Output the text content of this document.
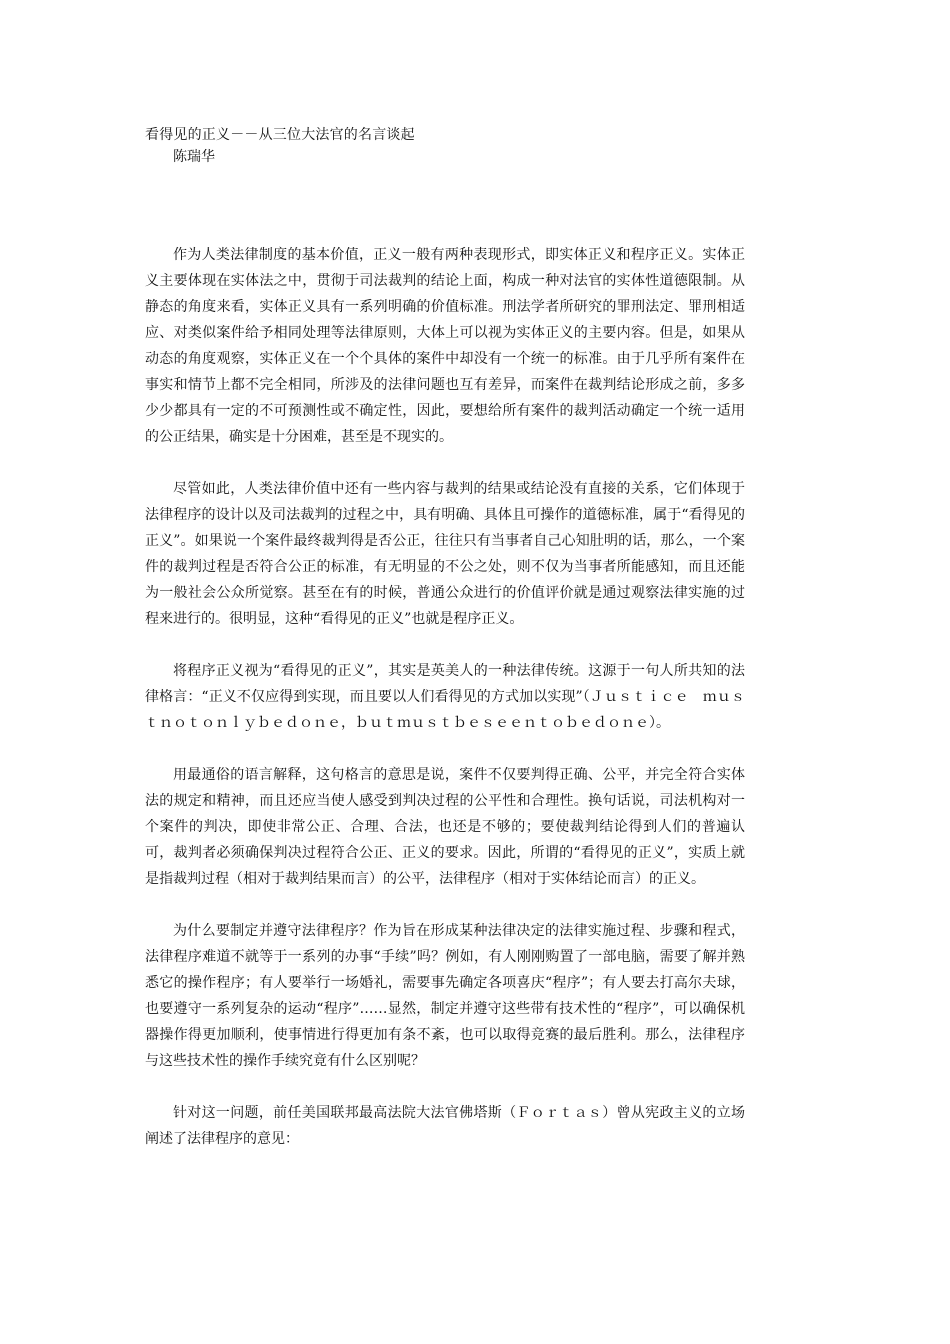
看得见的正义－－从三位大法官的名言谈起

陈瑞华

作为人类法律制度的基本价值，正义一般有两种表现形式，即实体正义和程序正义。实体正义主要体现在实体法之中，贯彻于司法裁判的结论上面，构成一种对法官的实体性道德限制。从静态的角度来看，实体正义具有一系列明确的价值标准。刑法学者所研究的罪刑法定、罪刑相适应、对类似案件给予相同处理等法律原则，大体上可以视为实体正义的主要内容。但是，如果从动态的角度观察，实体正义在一个个具体的案件中却没有一个统一的标准。由于几乎所有案件在事实和情节上都不完全相同，所涉及的法律问题也互有差异，而案件在裁判结论形成之前，多多少少都具有一定的不可预测性或不确定性，因此，要想给所有案件的裁判活动确定一个统一适用的公正结果，确实是十分困难，甚至是不现实的。

尽管如此，人类法律价值中还有一些内容与裁判的结果或结论没有直接的关系，它们体现于法律程序的设计以及司法裁判的过程之中，具有明确、具体且可操作的道德标准，属于“看得见的正义”。如果说一个案件最终裁判得是否公正，往往只有当事者自己心知肚明的话，那么，一个案件的裁判过程是否符合公正的标准，有无明显的不公之处，则不仅为当事者所能感知，而且还能为一般社会公众所觉察。甚至在有的时候，普通公众进行的价值评价就是通过观察法律实施的过程来进行的。很明显，这种“看得见的正义”也就是程序正义。

将程序正义视为“看得见的正义”，其实是英美人的一种法律传统。这源于一句人所共知的法律格言：“正义不仅应得到实现，而且要以人们看得见的方式加以实现”（Ｊｕｓｔｉｃｅ　ｍｕｓｔｎｏｔｏｎｌｙｂｅｄｏｎｅ，ｂｕｔｍｕｓｔｂｅｓｅｅｎｔｏｂｅｄｏｎｅ）。

用最通俗的语言解释，这句格言的意思是说，案件不仅要判得正确、公平，并完全符合实体法的规定和精神，而且还应当使人感受到判决过程的公平性和合理性。换句话说，司法机构对一个案件的判决，即使非常公正、合理、合法，也还是不够的；要使裁判结论得到人们的普遍认可，裁判者必须确保判决过程符合公正、正义的要求。因此，所谓的“看得见的正义”，实质上就是指裁判过程（相对于裁判结果而言）的公平，法律程序（相对于实体结论而言）的正义。

为什么要制定并遵守法律程序？作为旨在形成某种法律决定的法律实施过程、步骤和程式，法律程序难道不就等于一系列的办事“手续”吗？例如，有人刚刚购置了一部电脑，需要了解并熟悉它的操作程序；有人要举行一场婚礼，需要事先确定各项喜庆“程序”；有人要去打高尔夫球，也要遵守一系列复杂的运动“程序”……显然，制定并遵守这些带有技术性的“程序”，可以确保机器操作得更加顺利，使事情进行得更加有条不紊，也可以取得竞赛的最后胜利。那么，法律程序与这些技术性的操作手续究竟有什么区别呢？

针对这一问题，前任美国联邦最高法院大法官佛塔斯（Ｆｏｒｔａｓ）曾从宪政主义的立场阐述了法律程序的意见：
